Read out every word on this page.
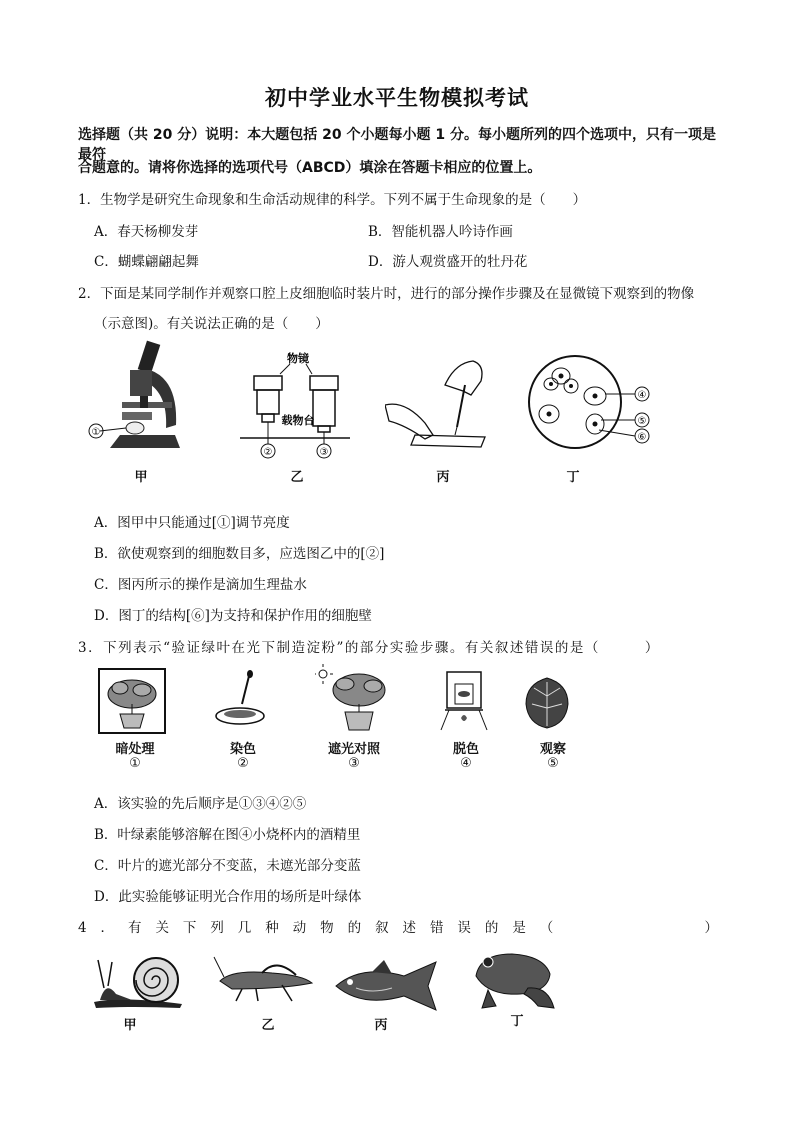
初中学业水平生物模拟考试
选择题（共 20 分）说明：本大题包括 20 个小题每小题 1 分。每小题所列的四个选项中，只有一项是最符
合题意的。请将你选择的选项代号（ABCD）填涂在答题卡相应的位置上。
1．生物学是研究生命现象和生命活动规律的科学。下列不属于生命现象的是（　　）
A．春天杨柳发芽	B．智能机器人吟诗作画
C．蝴蝶翩翩起舞	D．游人观赏盛开的牡丹花
2．下面是某同学制作并观察口腔上皮细胞临时装片时，进行的部分操作步骤及在显微镜下观察到的物像
（示意图)。有关说法正确的是（　　）
①
甲
物镜
载物台
②	③
乙	丙
④
⑤
⑥
丁
A．图甲中只能通过[①]调节亮度
B．欲使观察到的细胞数目多，应选图乙中的[②]
C．图丙所示的操作是滴加生理盐水
D．图丁的结构[⑥]为支持和保护作用的细胞壁
3．下列表示“验证绿叶在光下制造淀粉”的部分实验步骤。有关叙述错误的是（　　　）
暗处理	染色	遮光对照	脱色	观察
①	②	③	④	⑤
A．该实验的先后顺序是①③④②⑤
B．叶绿素能够溶解在图④小烧杯内的酒精里
C．叶片的遮光部分不变蓝，未遮光部分变蓝
D．此实验能够证明光合作用的场所是叶绿体
4．有关下列几种动物的叙述错误的是（　　　　　）
甲	乙	丙	丁
